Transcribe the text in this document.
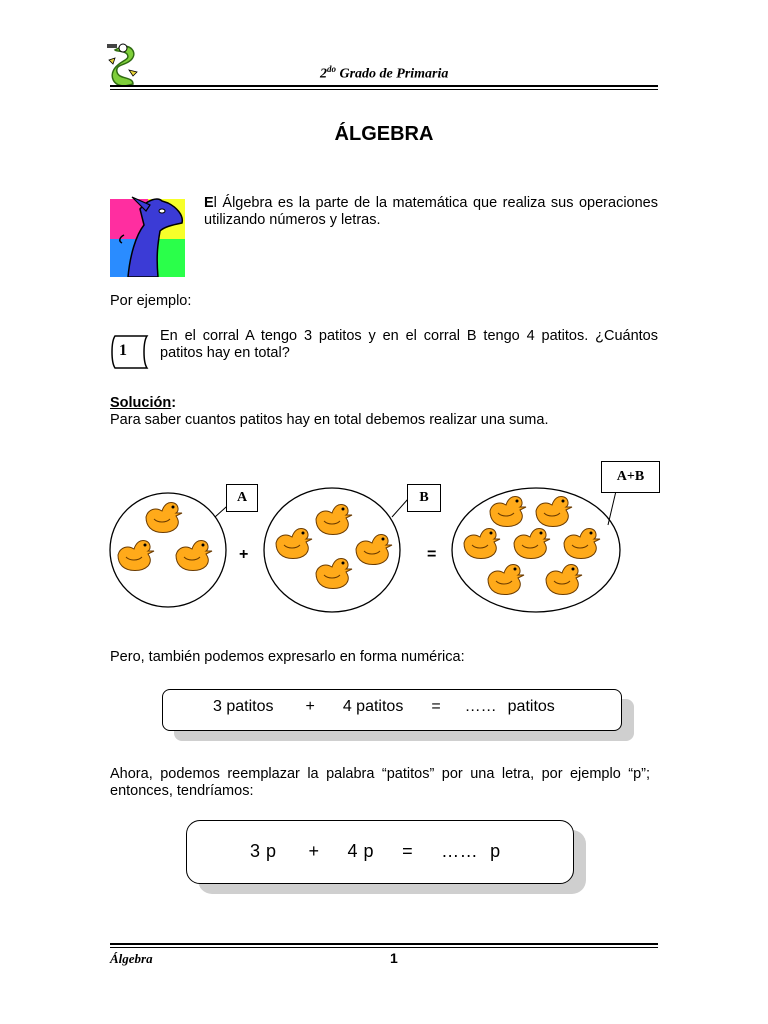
$2^{do}$ Grado de Primaria
ÁLGEBRA
El Álgebra es la parte de la matemática que realiza sus operaciones utilizando números y letras.
Por ejemplo:
1
En el corral A tengo 3 patitos y en el corral B tengo 4 patitos. ¿Cuántos patitos hay en total?
Solución:
Para saber cuantos patitos hay en total debemos realizar una suma.
A	B
A+B
+	=
Pero, también podemos expresarlo en forma numérica:
3 patitos + 4 patitos = …… patitos
Ahora, podemos reemplazar la palabra “patitos” por una letra, por ejemplo “p”; entonces, tendríamos:
3 p + 4 p = …… p
Álgebra	1
